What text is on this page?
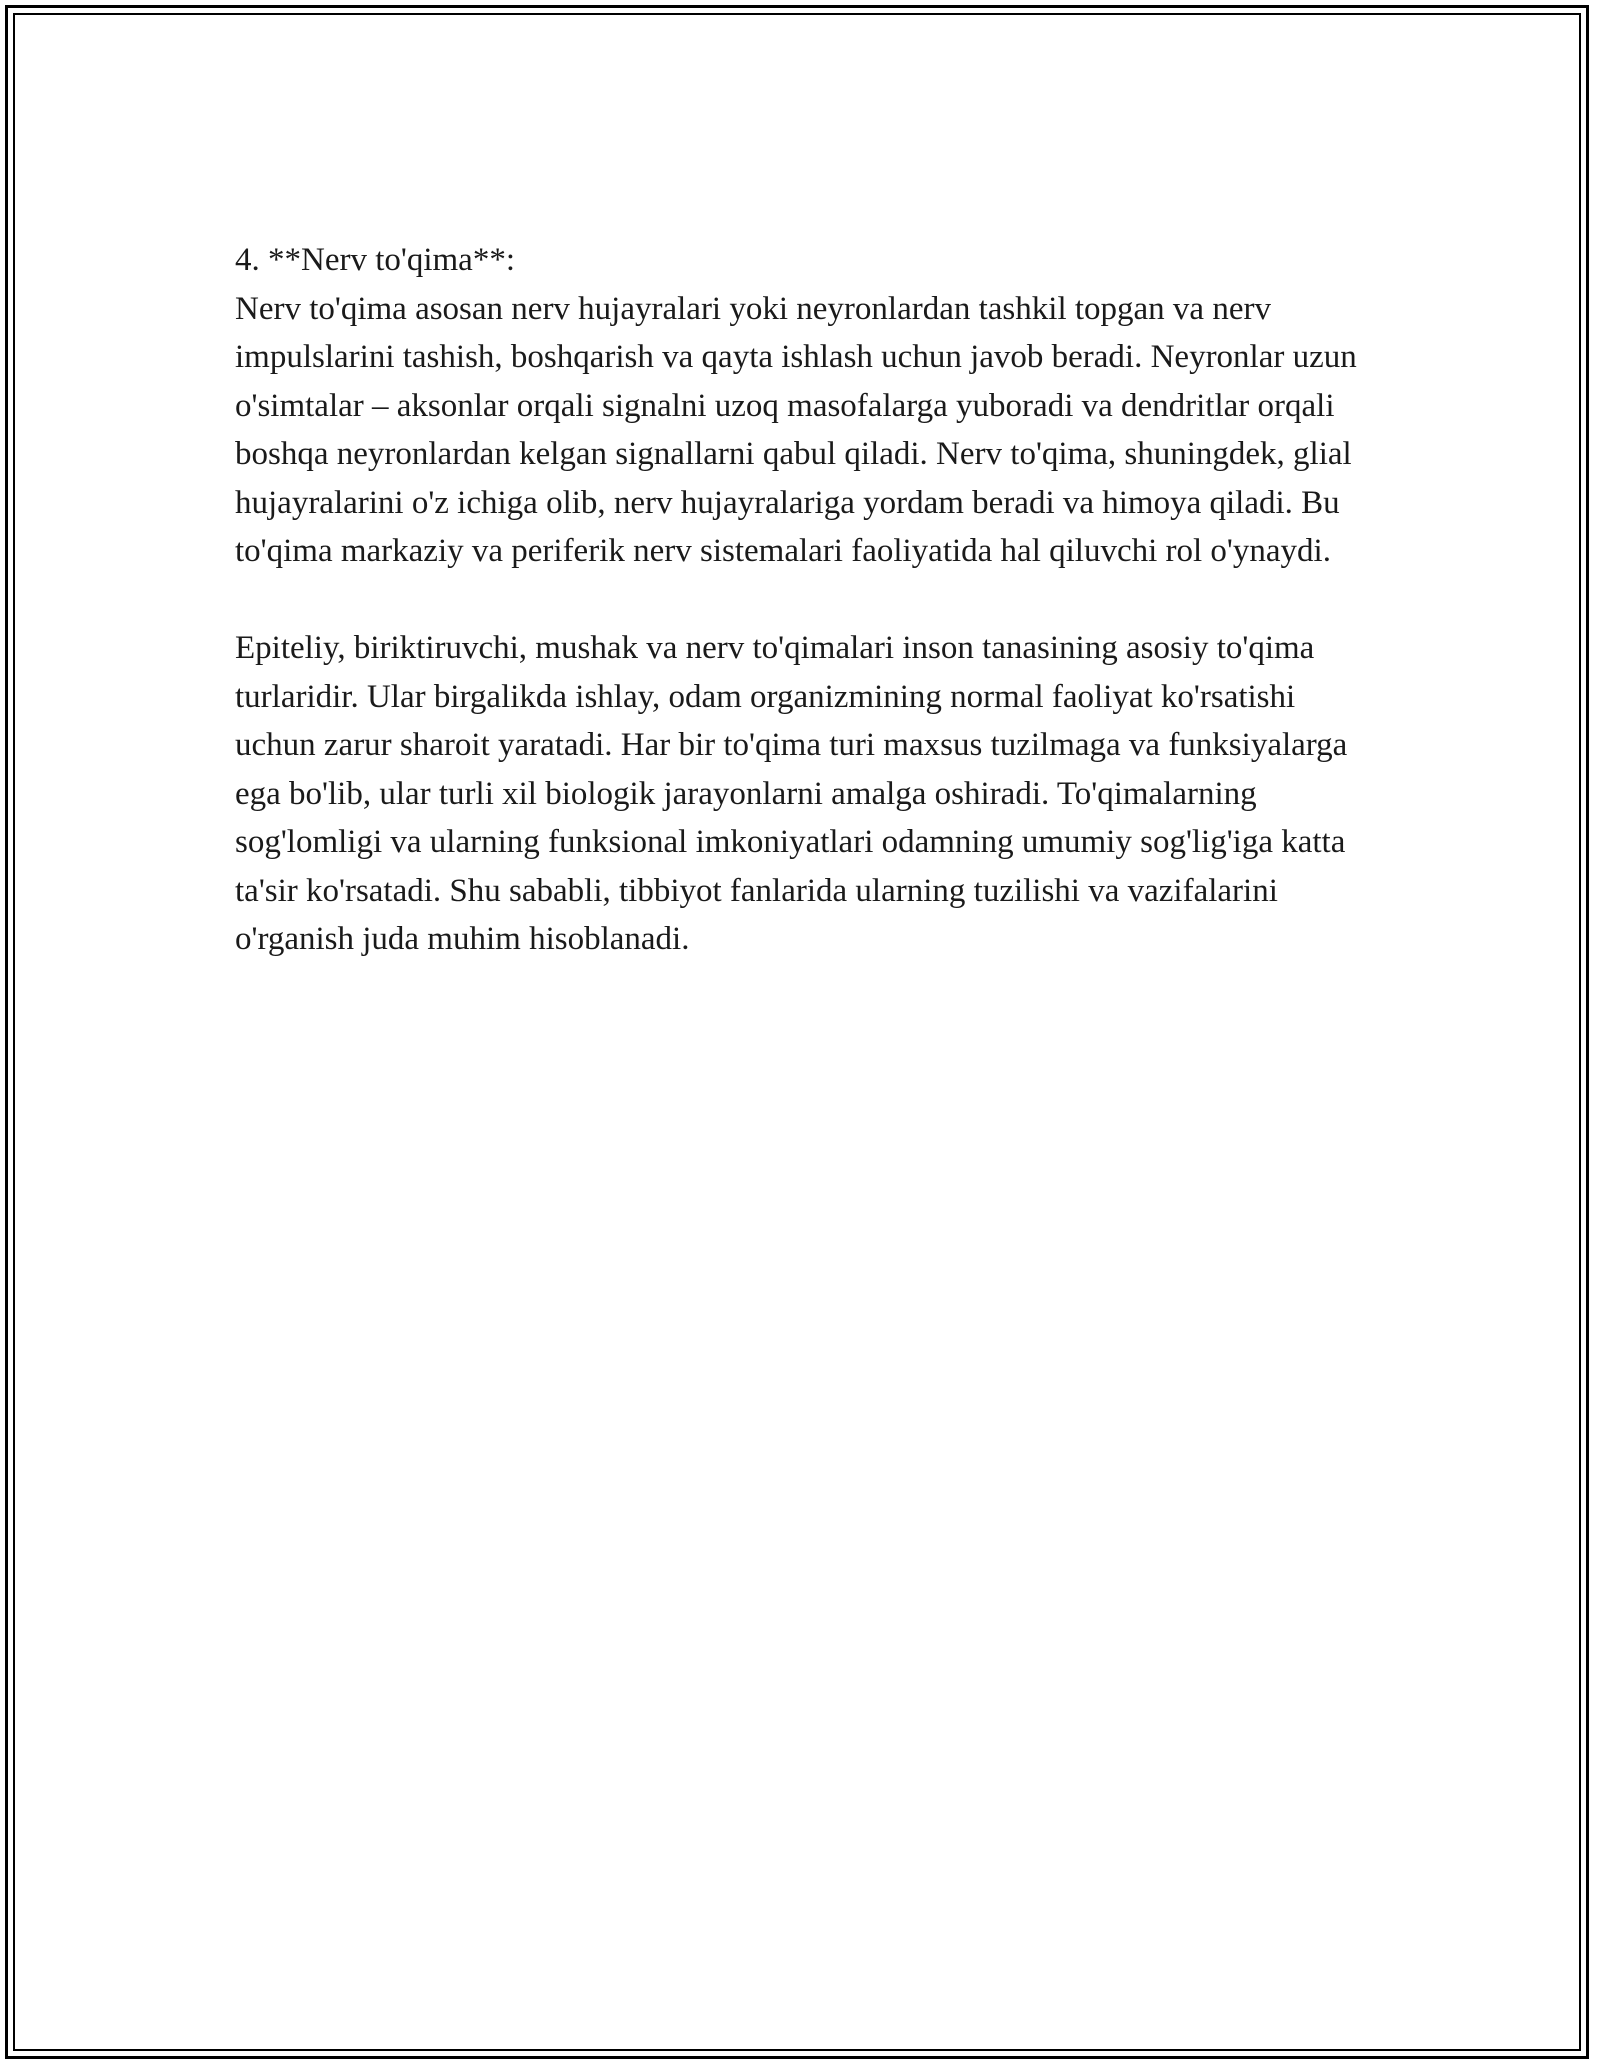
4. **Nerv to'qima**:

Nerv to'qima asosan nerv hujayralari yoki neyronlardan tashkil topgan va nerv impulslarini tashish, boshqarish va qayta ishlash uchun javob beradi. Neyronlar uzun o'simtalar – aksonlar orqali signalni uzoq masofalarga yuboradi va dendritlar orqali boshqa neyronlardan kelgan signallarni qabul qiladi. Nerv to'qima, shuningdek, glial hujayralarini o'z ichiga olib, nerv hujayralariga yordam beradi va himoya qiladi. Bu to'qima markaziy va periferik nerv sistemalari faoliyatida hal qiluvchi rol o'ynaydi.

Epiteliy, biriktiruvchi, mushak va nerv to'qimalari inson tanasining asosiy to'qima turlaridir. Ular birgalikda ishlay, odam organizmining normal faoliyat ko'rsatishi uchun zarur sharoit yaratadi. Har bir to'qima turi maxsus tuzilmaga va funksiyalarga ega bo'lib, ular turli xil biologik jarayonlarni amalga oshiradi. To'qimalarning sog'lomligi va ularning funksional imkoniyatlari odamning umumiy sog'lig'iga katta ta'sir ko'rsatadi. Shu sababli, tibbiyot fanlarida ularning tuzilishi va vazifalarini o'rganish juda muhim hisoblanadi.
